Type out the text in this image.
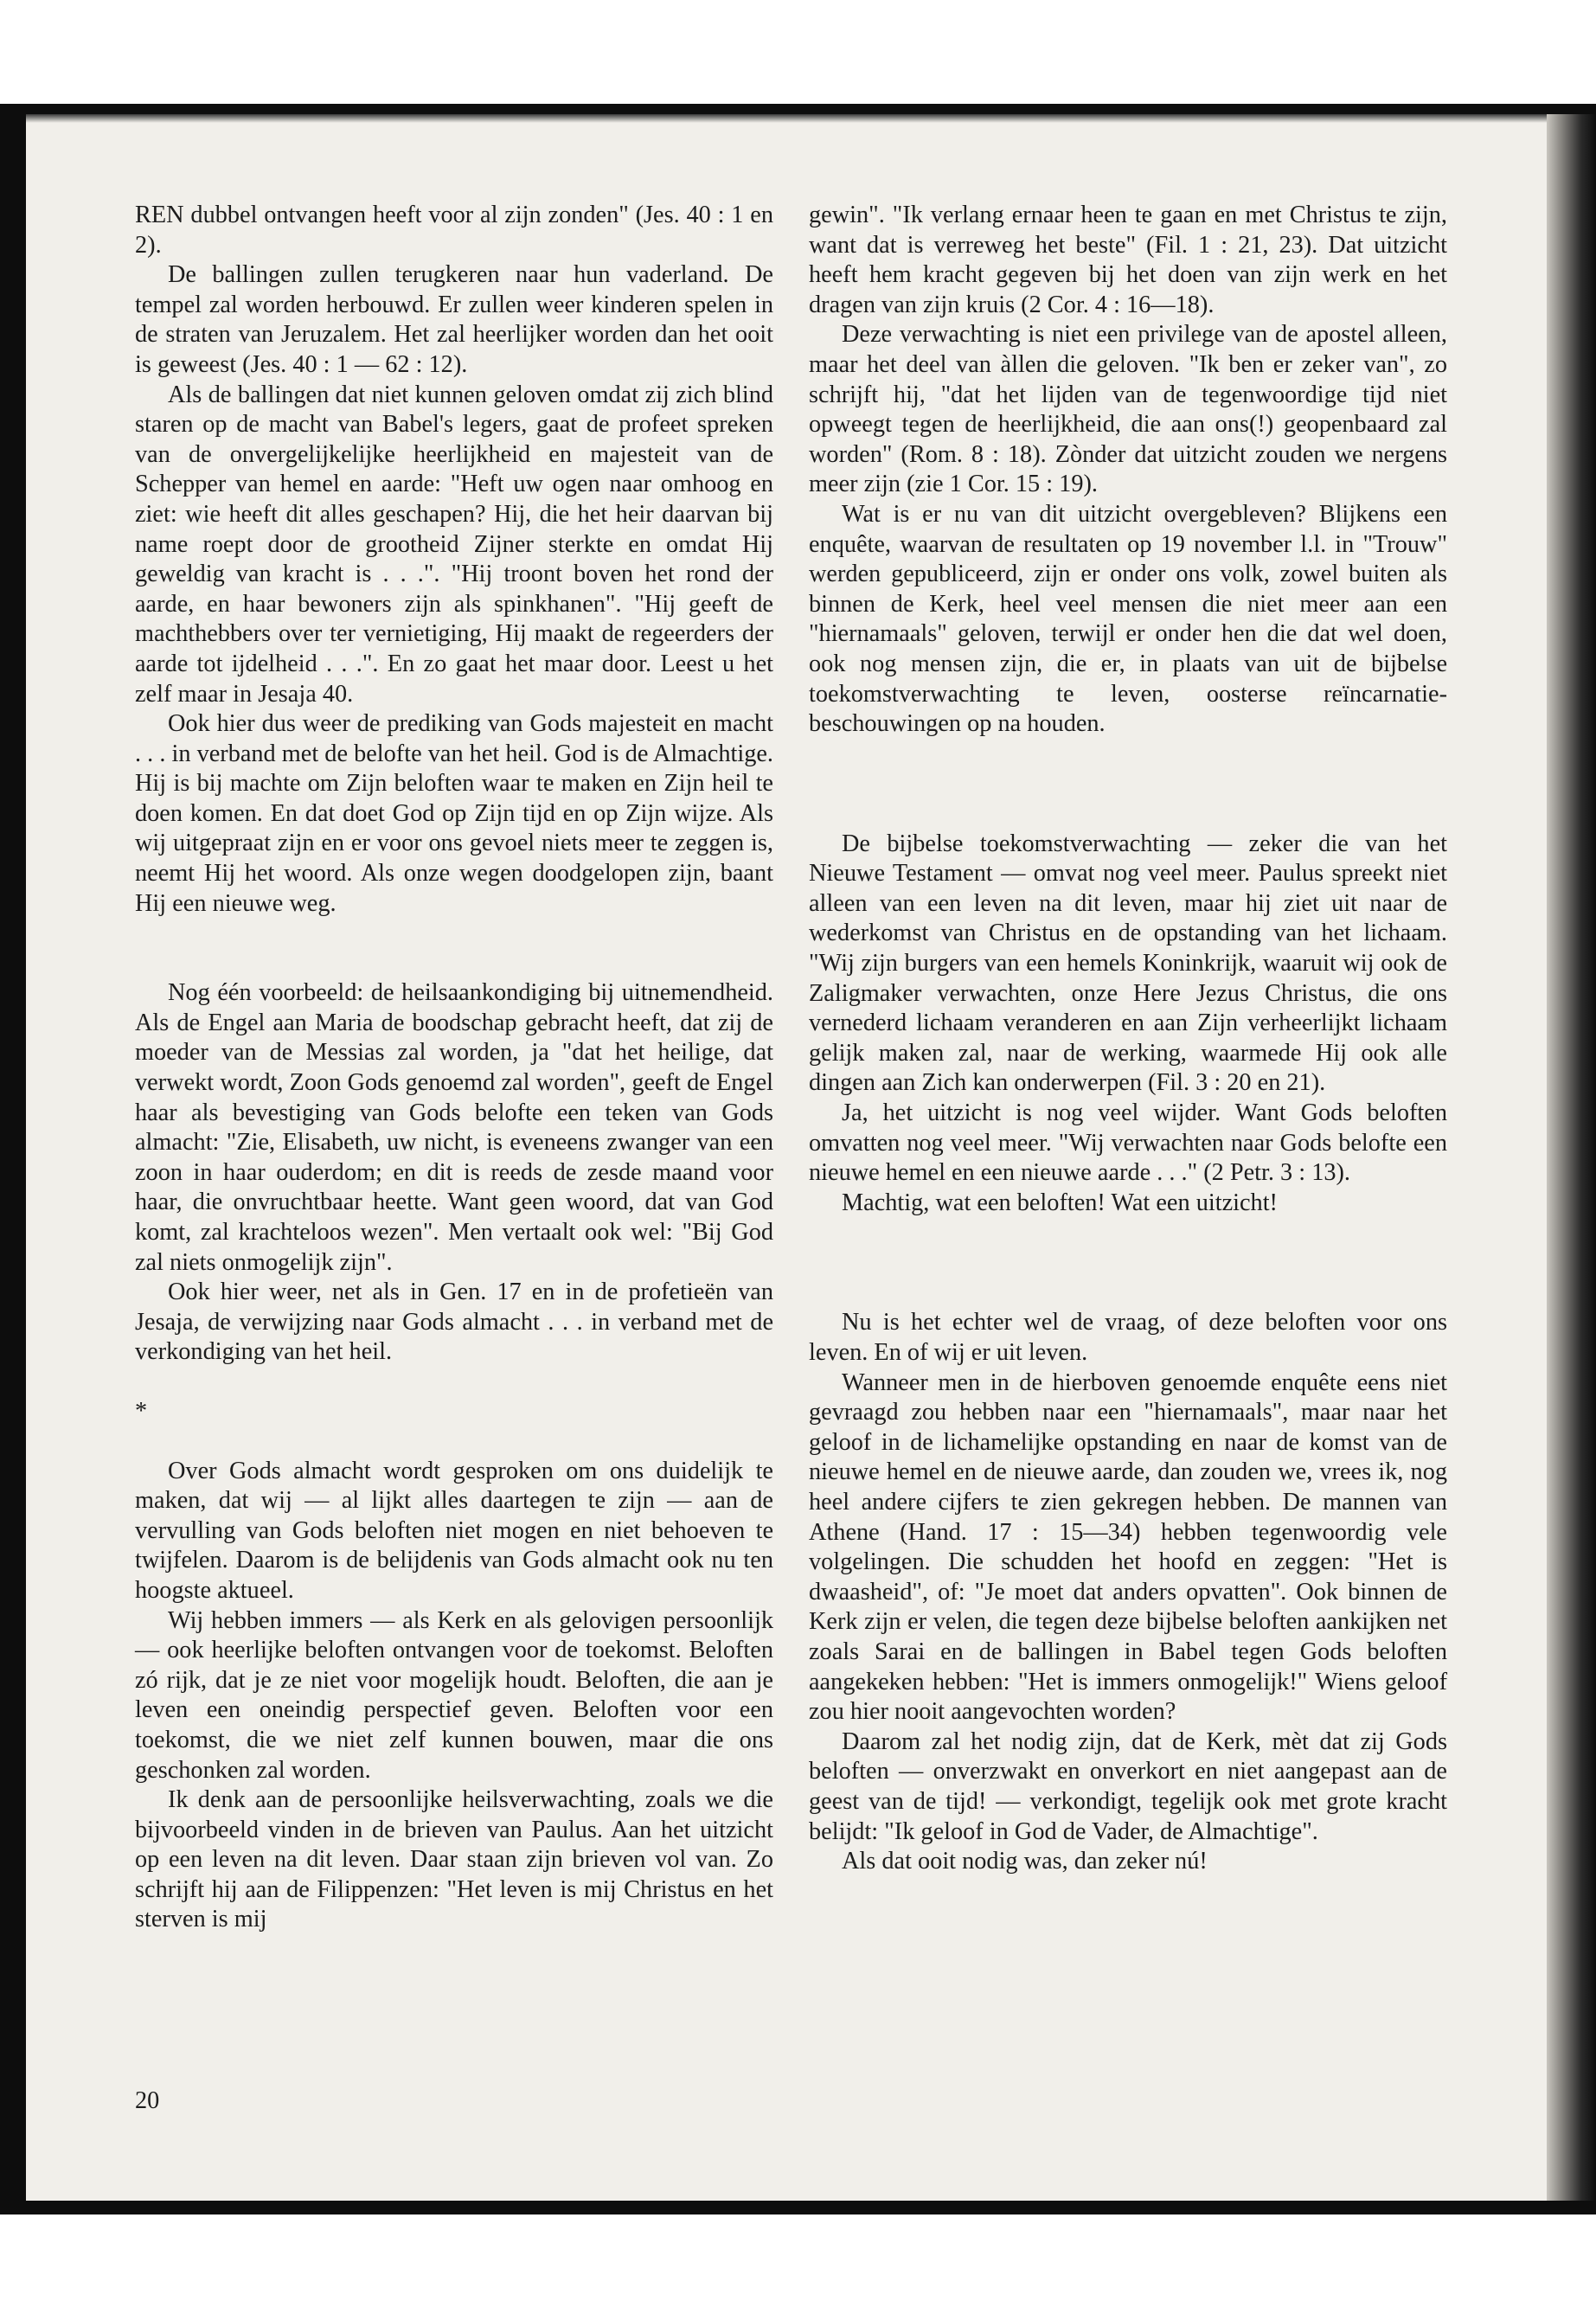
REN dubbel ontvangen heeft voor al zijn zonden" (Jes. 40 : 1 en 2).

De ballingen zullen terugkeren naar hun vaderland. De tempel zal worden herbouwd. Er zullen weer kinderen spelen in de straten van Jeruzalem. Het zal heerlijker worden dan het ooit is geweest (Jes. 40 : 1 — 62 : 12).

Als de ballingen dat niet kunnen geloven omdat zij zich blind staren op de macht van Babel's legers, gaat de profeet spreken van de onvergelijkelijke heerlijkheid en majesteit van de Schepper van hemel en aarde: "Heft uw ogen naar omhoog en ziet: wie heeft dit alles geschapen? Hij, die het heir daarvan bij name roept door de grootheid Zijner sterkte en omdat Hij geweldig van kracht is . . .". "Hij troont boven het rond der aarde, en haar bewoners zijn als spinkhanen". "Hij geeft de machthebbers over ter vernietiging, Hij maakt de regeerders der aarde tot ijdelheid . . .". En zo gaat het maar door. Leest u het zelf maar in Jesaja 40.

Ook hier dus weer de prediking van Gods majesteit en macht . . . in verband met de belofte van het heil. God is de Almachtige. Hij is bij machte om Zijn beloften waar te maken en Zijn heil te doen komen. En dat doet God op Zijn tijd en op Zijn wijze. Als wij uitgepraat zijn en er voor ons gevoel niets meer te zeggen is, neemt Hij het woord. Als onze wegen doodgelopen zijn, baant Hij een nieuwe weg.

Nog één voorbeeld: de heilsaankondiging bij uitnemendheid. Als de Engel aan Maria de boodschap gebracht heeft, dat zij de moeder van de Messias zal worden, ja "dat het heilige, dat verwekt wordt, Zoon Gods genoemd zal worden", geeft de Engel haar als bevestiging van Gods belofte een teken van Gods almacht: "Zie, Elisabeth, uw nicht, is eveneens zwanger van een zoon in haar ouderdom; en dit is reeds de zesde maand voor haar, die onvruchtbaar heette. Want geen woord, dat van God komt, zal krachteloos wezen". Men vertaalt ook wel: "Bij God zal niets onmogelijk zijn".

Ook hier weer, net als in Gen. 17 en in de profetieën van Jesaja, de verwijzing naar Gods almacht . . . in verband met de verkondiging van het heil.

*

Over Gods almacht wordt gesproken om ons duidelijk te maken, dat wij — al lijkt alles daartegen te zijn — aan de vervulling van Gods beloften niet mogen en niet behoeven te twijfelen. Daarom is de belijdenis van Gods almacht ook nu ten hoogste aktueel.

Wij hebben immers — als Kerk en als gelovigen persoonlijk — ook heerlijke beloften ontvangen voor de toekomst. Beloften zó rijk, dat je ze niet voor mogelijk houdt. Beloften, die aan je leven een oneindig perspectief geven. Beloften voor een toekomst, die we niet zelf kunnen bouwen, maar die ons geschonken zal worden.

Ik denk aan de persoonlijke heilsverwachting, zoals we die bijvoorbeeld vinden in de brieven van Paulus. Aan het uitzicht op een leven na dit leven. Daar staan zijn brieven vol van. Zo schrijft hij aan de Filippenzen: "Het leven is mij Christus en het sterven is mij

gewin". "Ik verlang ernaar heen te gaan en met Christus te zijn, want dat is verreweg het beste" (Fil. 1 : 21, 23). Dat uitzicht heeft hem kracht gegeven bij het doen van zijn werk en het dragen van zijn kruis (2 Cor. 4 : 16—18).

Deze verwachting is niet een privilege van de apostel alleen, maar het deel van àllen die geloven. "Ik ben er zeker van", zo schrijft hij, "dat het lijden van de tegenwoordige tijd niet opweegt tegen de heerlijkheid, die aan ons(!) geopenbaard zal worden" (Rom. 8 : 18). Zònder dat uitzicht zouden we nergens meer zijn (zie 1 Cor. 15 : 19).

Wat is er nu van dit uitzicht overgebleven? Blijkens een enquête, waarvan de resultaten op 19 november l.l. in "Trouw" werden gepubliceerd, zijn er onder ons volk, zowel buiten als binnen de Kerk, heel veel mensen die niet meer aan een "hiernamaals" geloven, terwijl er onder hen die dat wel doen, ook nog mensen zijn, die er, in plaats van uit de bijbelse toekomstverwachting te leven, oosterse reïncarnatie-beschouwingen op na houden.

De bijbelse toekomstverwachting — zeker die van het Nieuwe Testament — omvat nog veel meer. Paulus spreekt niet alleen van een leven na dit leven, maar hij ziet uit naar de wederkomst van Christus en de opstanding van het lichaam. "Wij zijn burgers van een hemels Koninkrijk, waaruit wij ook de Zaligmaker verwachten, onze Here Jezus Christus, die ons vernederd lichaam veranderen en aan Zijn verheerlijkt lichaam gelijk maken zal, naar de werking, waarmede Hij ook alle dingen aan Zich kan onderwerpen (Fil. 3 : 20 en 21).

Ja, het uitzicht is nog veel wijder. Want Gods beloften omvatten nog veel meer. "Wij verwachten naar Gods belofte een nieuwe hemel en een nieuwe aarde . . ." (2 Petr. 3 : 13).

Machtig, wat een beloften! Wat een uitzicht!

Nu is het echter wel de vraag, of deze beloften voor ons leven. En of wij er uit leven.

Wanneer men in de hierboven genoemde enquête eens niet gevraagd zou hebben naar een "hiernamaals", maar naar het geloof in de lichamelijke opstanding en naar de komst van de nieuwe hemel en de nieuwe aarde, dan zouden we, vrees ik, nog heel andere cijfers te zien gekregen hebben. De mannen van Athene (Hand. 17 : 15—34) hebben tegenwoordig vele volgelingen. Die schudden het hoofd en zeggen: "Het is dwaasheid", of: "Je moet dat anders opvatten". Ook binnen de Kerk zijn er velen, die tegen deze bijbelse beloften aankijken net zoals Sarai en de ballingen in Babel tegen Gods beloften aangekeken hebben: "Het is immers onmogelijk!" Wiens geloof zou hier nooit aangevochten worden?

Daarom zal het nodig zijn, dat de Kerk, mèt dat zij Gods beloften — onverzwakt en onverkort en niet aangepast aan de geest van de tijd! — verkondigt, tegelijk ook met grote kracht belijdt: "Ik geloof in God de Vader, de Almachtige".

Als dat ooit nodig was, dan zeker nú!

20
